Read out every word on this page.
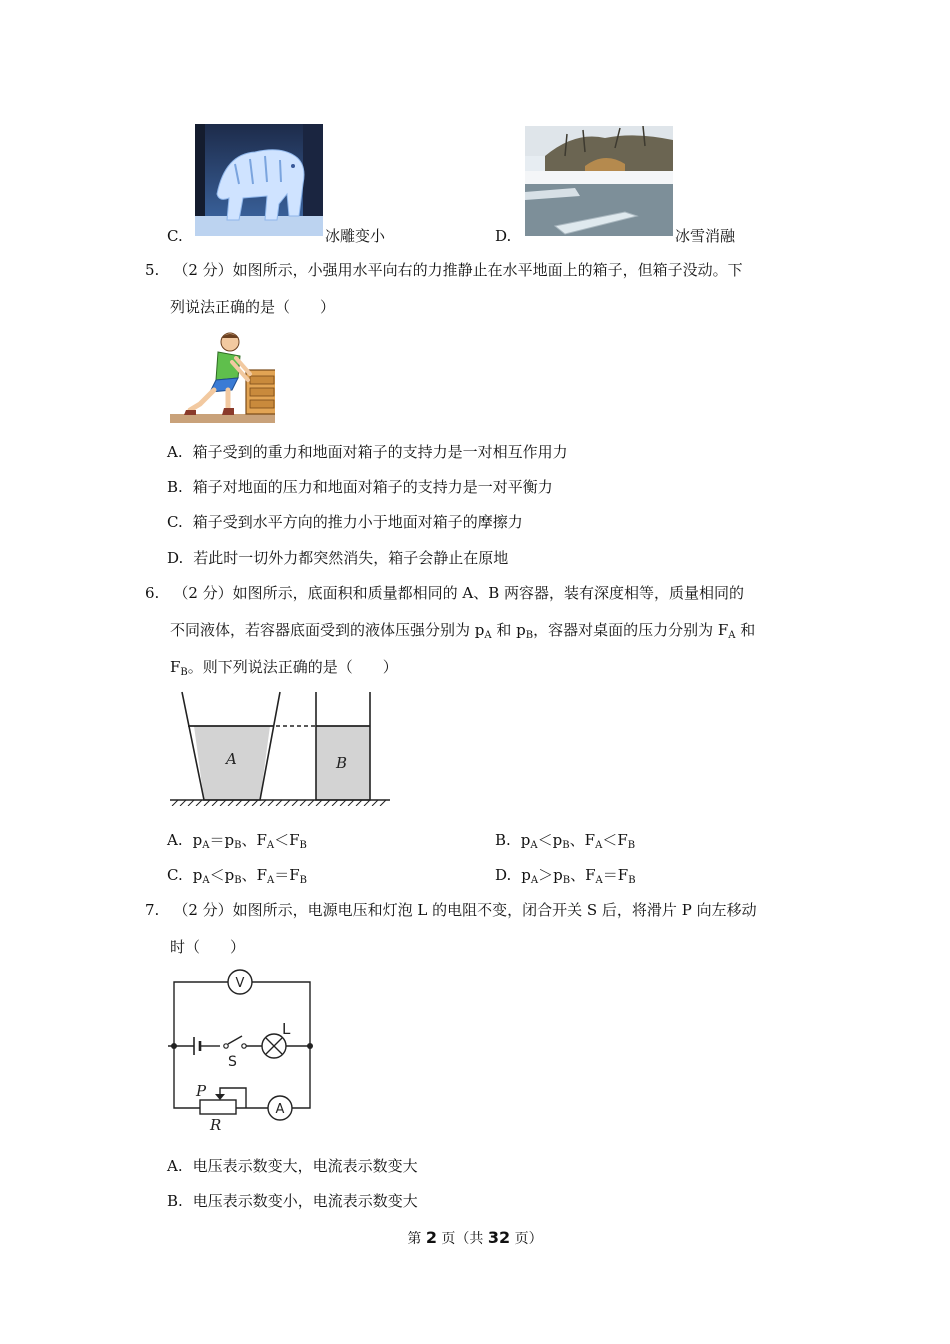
C.	冰雕变小	D.	冰雪消融
5. （2 分）如图所示，小强用水平向右的力推静止在水平地面上的箱子，但箱子没动。下
列说法正确的是（　　）
A. 箱子受到的重力和地面对箱子的支持力是一对相互作用力
B. 箱子对地面的压力和地面对箱子的支持力是一对平衡力
C. 箱子受到水平方向的推力小于地面对箱子的摩擦力
D. 若此时一切外力都突然消失，箱子会静止在原地
6. （2 分）如图所示，底面积和质量都相同的 A、B 两容器，装有深度相等，质量相同的
不同液体，若容器底面受到的液体压强分别为 $p_A$ 和 $p_B$，容器对桌面的压力分别为 $F_A$ 和
$F_B$。则下列说法正确的是（　　）
A	B
A. $p_A=p_B$、$F_A<F_B$	B. $p_A<p_B$、$F_A<F_B$
C. $p_A<p_B$、$F_A=F_B$	D. $p_A>p_B$、$F_A=F_B$
7. （2 分）如图所示，电源电压和灯泡 L 的电阻不变，闭合开关 S 后，将滑片 P 向左移动
时（　　）
S
L
V
P
R
A
A. 电压表示数变大，电流表示数变大
B. 电压表示数变小，电流表示数变大
第 2 页（共 32 页）
